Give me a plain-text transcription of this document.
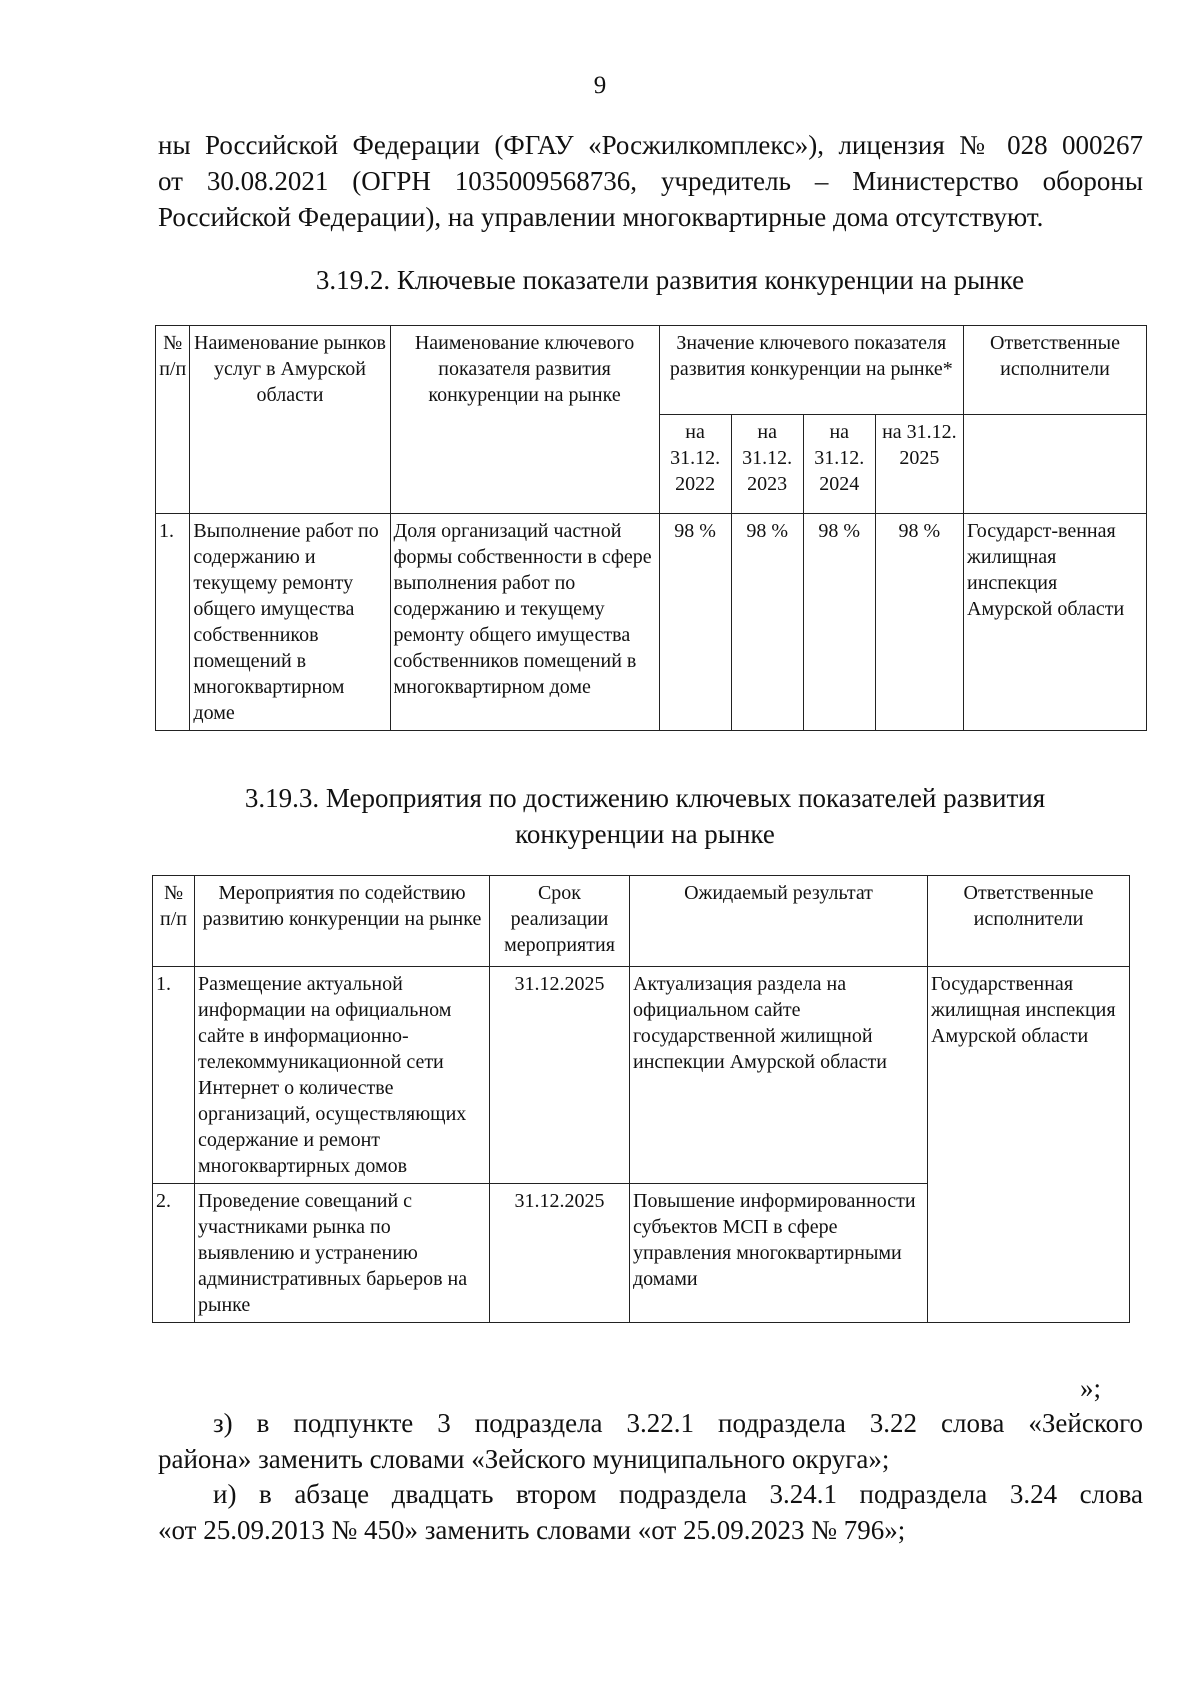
9
ны Российской Федерации (ФГАУ «Росжилкомплекс»), лицензия № 028 000267
от 30.08.2021 (ОГРН 1035009568736, учредитель – Министерство обороны
Российской Федерации), на управлении многоквартирные дома отсутствуют.
3.19.2. Ключевые показатели развития конкуренции на рынке
№ п/п	Наименование рынков услуг в Амурской области	Наименование ключевого показателя развития конкуренции на рынке	Значение ключевого показателя развития конкуренции на рынке*				Ответственные исполнители
			на 31.12. 2022	на 31.12. 2023	на 31.12. 2024	на 31.12. 2025	
1.	Выполнение работ по содержанию и текущему ремонту общего имущества собственников помещений в многоквартирном доме	Доля организаций частной формы собственности в сфере выполнения работ по содержанию и текущему ремонту общего имущества собственников помещений в многоквартирном доме	98 %	98 %	98 %	98 %	Государст-венная жилищная инспекция Амурской области
3.19.3. Мероприятия по достижению ключевых показателей развития
конкуренции на рынке
№ п/п	Мероприятия по содействию развитию конкуренции на рынке	Срок реализации мероприятия	Ожидаемый результат	Ответственные исполнители
1.	Размещение актуальной информации на официальном сайте в информационно-телекоммуникационной сети Интернет о количестве организаций, осуществляющих содержание и ремонт многоквартирных домов	31.12.2025	Актуализация раздела на официальном сайте государственной жилищной инспекции Амурской области	Государственная жилищная инспекция Амурской области
2.	Проведение совещаний с участниками рынка по выявлению и устранению административных барьеров на рынке	31.12.2025	Повышение информированности субъектов МСП в сфере управления многоквартирными домами	
»;
з) в подпункте 3 подраздела 3.22.1 подраздела 3.22 слова «Зейского
района» заменить словами «Зейского муниципального округа»;
и) в абзаце двадцать втором подраздела 3.24.1 подраздела 3.24 слова
«от 25.09.2013 № 450» заменить словами «от 25.09.2023 № 796»;
